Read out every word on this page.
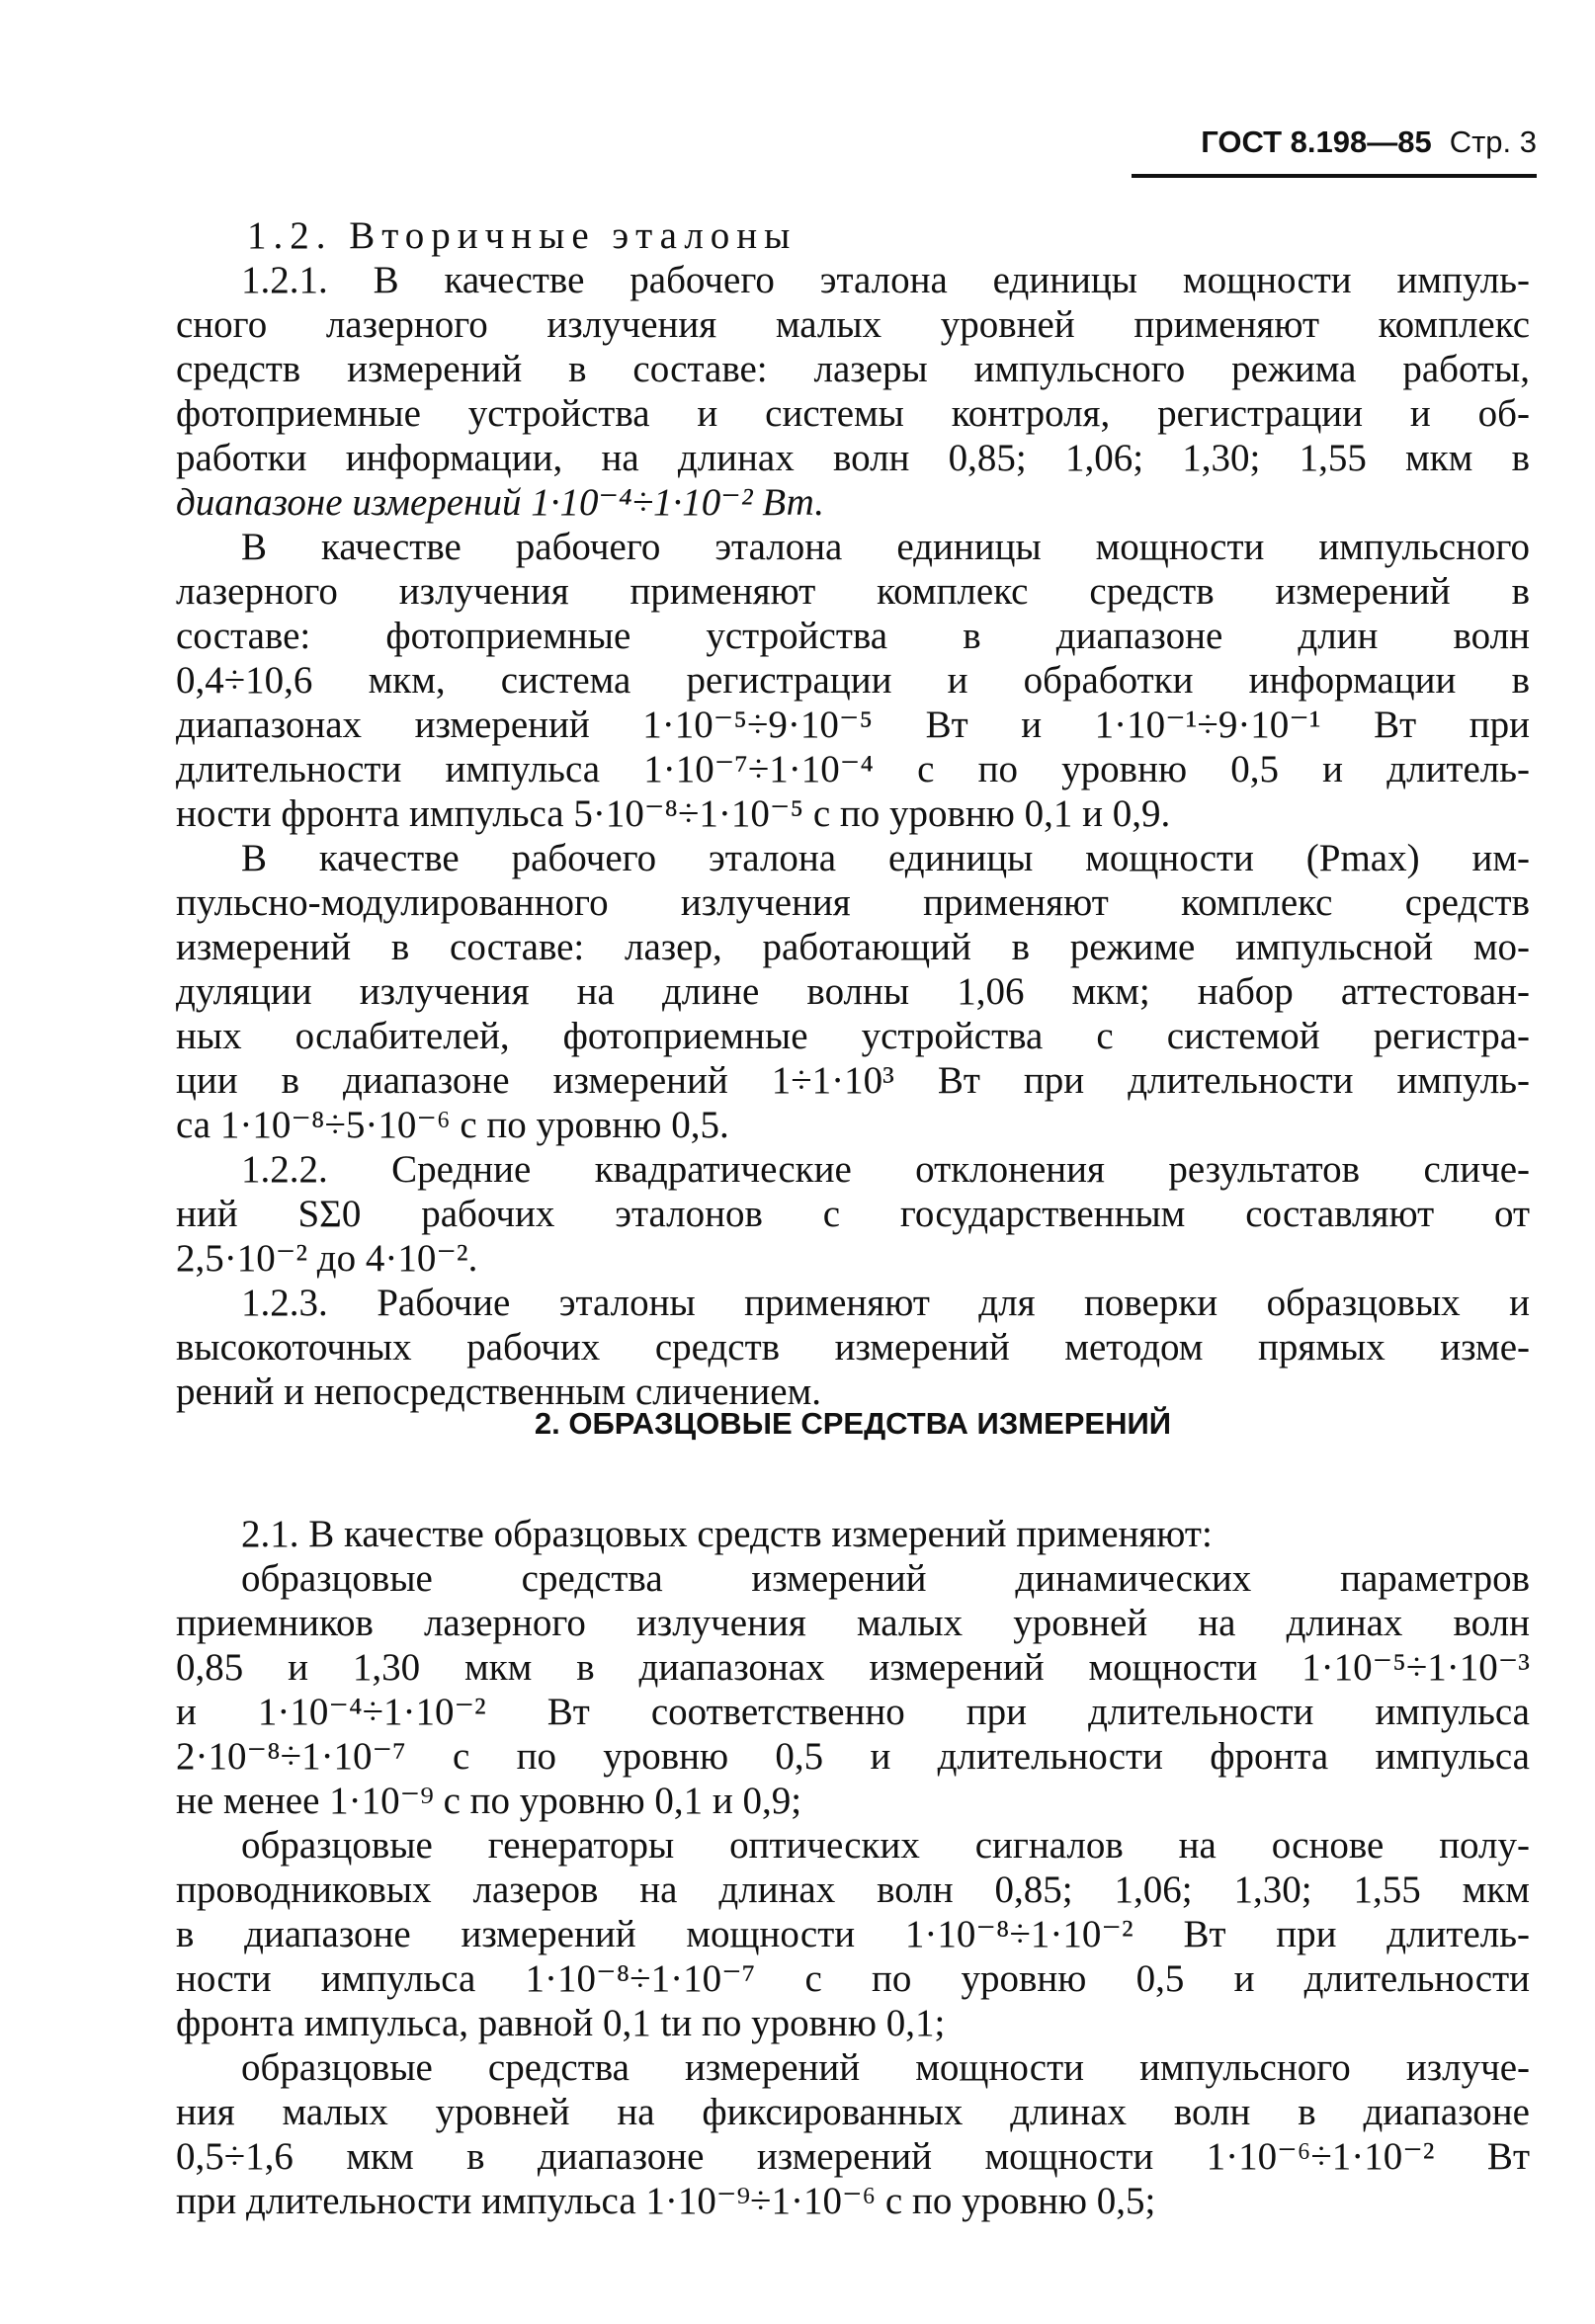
ГОСТ 8.198—85 Стр. 3
1.2. Вторичные эталоны
1.2.1. В качестве рабочего эталона единицы мощности импуль-
сного лазерного излучения малых уровней применяют комплекс
средств измерений в составе: лазеры импульсного режима работы,
фотоприемные устройства и системы контроля, регистрации и об-
работки информации, на длинах волн 0,85; 1,06; 1,30; 1,55 мкм в
диапазоне измерений 1·10⁻⁴÷1·10⁻² Вт.
В качестве рабочего эталона единицы мощности импульсного
лазерного излучения применяют комплекс средств измерений в
составе: фотоприемные устройства в диапазоне длин волн
0,4÷10,6 мкм, система регистрации и обработки информации в
диапазонах измерений 1·10⁻⁵÷9·10⁻⁵ Вт и 1·10⁻¹÷9·10⁻¹ Вт при
длительности импульса 1·10⁻⁷÷1·10⁻⁴ с по уровню 0,5 и длитель-
ности фронта импульса 5·10⁻⁸÷1·10⁻⁵ с по уровню 0,1 и 0,9.
В качестве рабочего эталона единицы мощности (Pmax) им-
пульсно-модулированного излучения применяют комплекс средств
измерений в составе: лазер, работающий в режиме импульсной мо-
дуляции излучения на длине волны 1,06 мкм; набор аттестован-
ных ослабителей, фотоприемные устройства с системой регистра-
ции в диапазоне измерений 1÷1·10³ Вт при длительности импуль-
са 1·10⁻⁸÷5·10⁻⁶ с по уровню 0,5.
1.2.2. Средние квадратические отклонения результатов сличе-
ний SΣ0 рабочих эталонов с государственным составляют от
2,5·10⁻² до 4·10⁻².
1.2.3. Рабочие эталоны применяют для поверки образцовых и
высокоточных рабочих средств измерений методом прямых изме-
рений и непосредственным сличением.
2. ОБРАЗЦОВЫЕ СРЕДСТВА ИЗМЕРЕНИЙ
2.1. В качестве образцовых средств измерений применяют:
образцовые средства измерений динамических параметров
приемников лазерного излучения малых уровней на длинах волн
0,85 и 1,30 мкм в диапазонах измерений мощности 1·10⁻⁵÷1·10⁻³
и 1·10⁻⁴÷1·10⁻² Вт соответственно при длительности импульса
2·10⁻⁸÷1·10⁻⁷ с по уровню 0,5 и длительности фронта импульса
не менее 1·10⁻⁹ с по уровню 0,1 и 0,9;
образцовые генераторы оптических сигналов на основе полу-
проводниковых лазеров на длинах волн 0,85; 1,06; 1,30; 1,55 мкм
в диапазоне измерений мощности 1·10⁻⁸÷1·10⁻² Вт при длитель-
ности импульса 1·10⁻⁸÷1·10⁻⁷ с по уровню 0,5 и длительности
фронта импульса, равной 0,1 tи по уровню 0,1;
образцовые средства измерений мощности импульсного излуче-
ния малых уровней на фиксированных длинах волн в диапазоне
0,5÷1,6 мкм в диапазоне измерений мощности 1·10⁻⁶÷1·10⁻² Вт
при длительности импульса 1·10⁻⁹÷1·10⁻⁶ с по уровню 0,5;
